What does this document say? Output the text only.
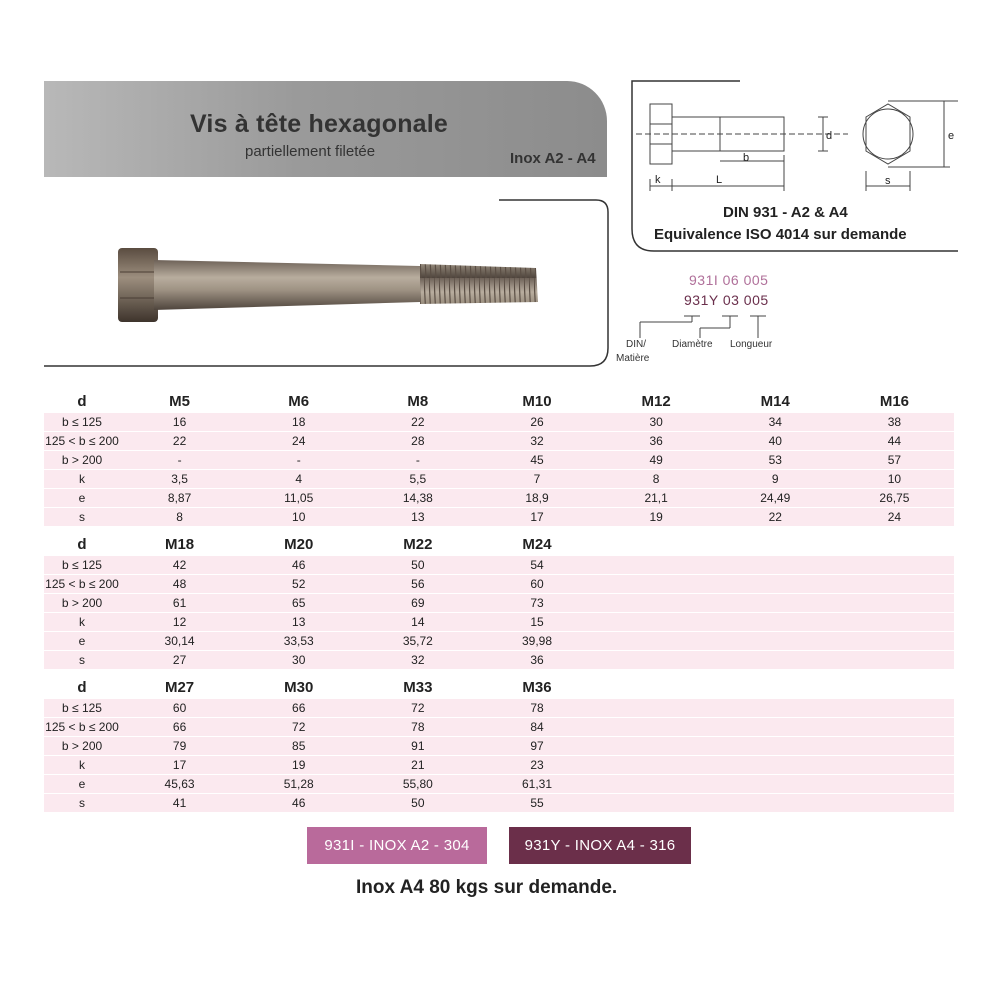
Vis à tête hexagonale
partiellement filetée	Inox A2 - A4
k	L
b
d	e
s
DIN 931 - A2 & A4
Equivalence ISO 4014 sur demande
931I 06 005
931Y 03 005
DIN/
Matière
Diamètre Longueur
d	M5	M6	M8	M10	M12	M14	M16
b ≤ 125	16	18	22	26	30	34	38
125 < b ≤ 200	22	24	28	32	36	40	44
b > 200	-	-	-	45	49	53	57
k	3,5	4	5,5	7	8	9	10
e	8,87	11,05	14,38	18,9	21,1	24,49	26,75
s	8	10	13	17	19	22	24
d	M18	M20	M22	M24			
b ≤ 125	42	46	50	54			
125 < b ≤ 200	48	52	56	60			
b > 200	61	65	69	73			
k	12	13	14	15			
e	30,14	33,53	35,72	39,98			
s	27	30	32	36			
d	M27	M30	M33	M36			
b ≤ 125	60	66	72	78			
125 < b ≤ 200	66	72	78	84			
b > 200	79	85	91	97			
k	17	19	21	23			
e	45,63	51,28	55,80	61,31			
s	41	46	50	55			
931I - INOX A2 - 304	931Y - INOX A4 - 316
Inox A4 80 kgs sur demande.
